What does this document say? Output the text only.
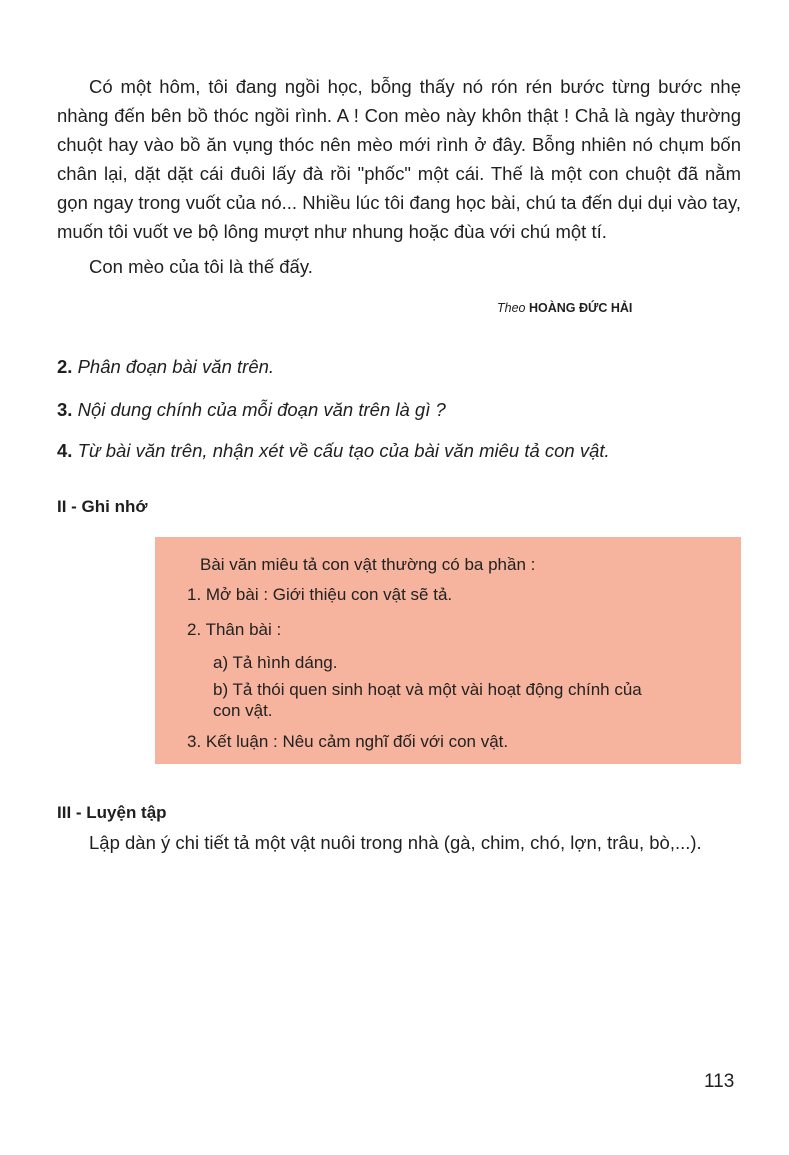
Có một hôm, tôi đang ngồi học, bỗng thấy nó rón rén bước từng bước nhẹ nhàng đến bên bồ thóc ngồi rình. A ! Con mèo này khôn thật ! Chả là ngày thường chuột hay vào bồ ăn vụng thóc nên mèo mới rình ở đây. Bỗng nhiên nó chụm bốn chân lại, dặt dặt cái đuôi lấy đà rồi "phốc" một cái. Thế là một con chuột đã nằm gọn ngay trong vuốt của nó... Nhiều lúc tôi đang học bài, chú ta đến dụi dụi vào tay, muốn tôi vuốt ve bộ lông mượt như nhung hoặc đùa với chú một tí.

Con mèo của tôi là thế đấy.

Theo HOÀNG ĐỨC HẢI
2. Phân đoạn bài văn trên.
3. Nội dung chính của mỗi đoạn văn trên là gì ?
4. Từ bài văn trên, nhận xét về cấu tạo của bài văn miêu tả con vật.
II - Ghi nhớ
Bài văn miêu tả con vật thường có ba phần :
1. Mở bài : Giới thiệu con vật sẽ tả.
2. Thân bài :
a) Tả hình dáng.
b) Tả thói quen sinh hoạt và một vài hoạt động chính của
con vật.
3. Kết luận : Nêu cảm nghĩ đối với con vật.
III - Luyện tập

Lập dàn ý chi tiết tả một vật nuôi trong nhà (gà, chim, chó, lợn, trâu, bò,...).

113
